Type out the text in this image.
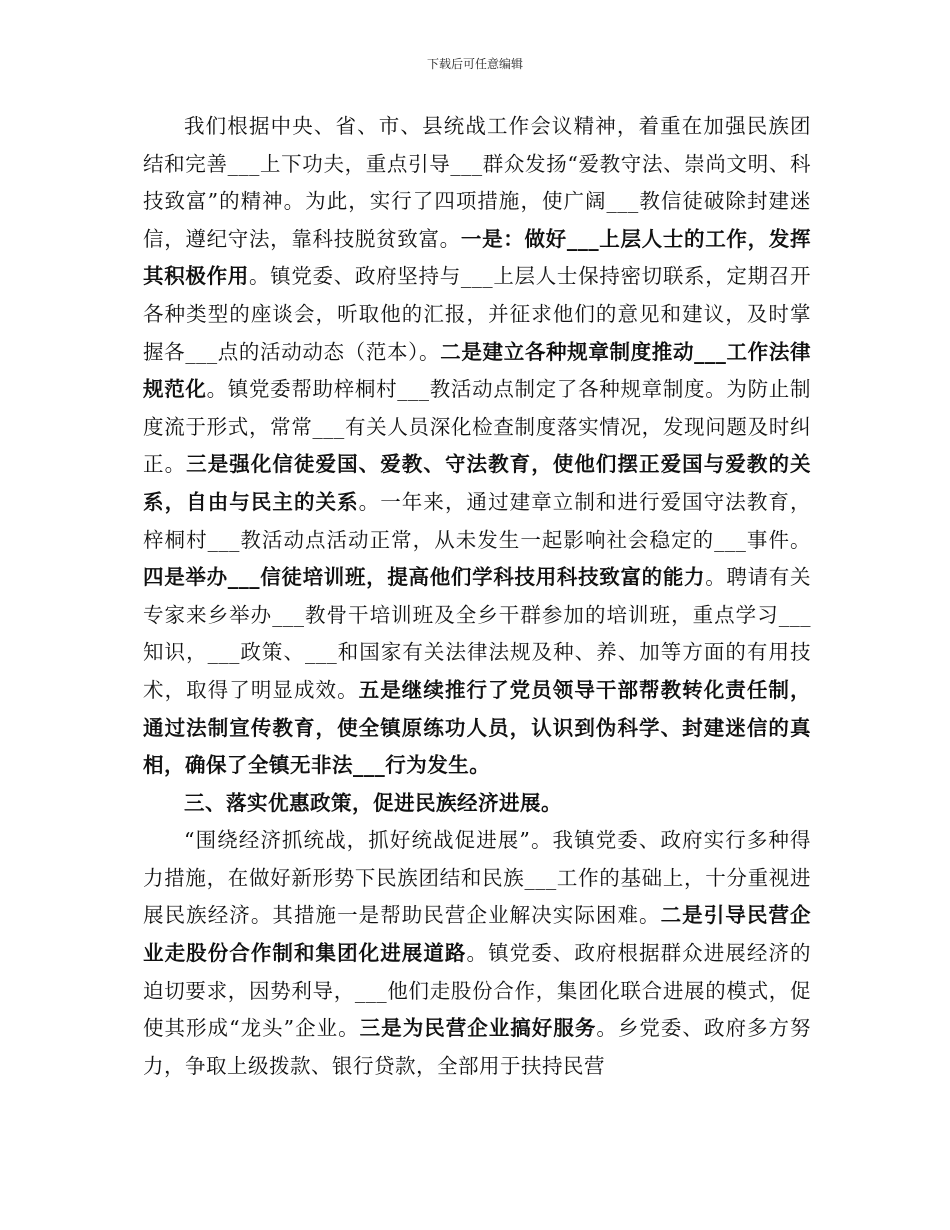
下载后可任意编辑

我们根据中央、省、市、县统战工作会议精神，着重在加强民族团结和完善___上下功夫，重点引导___群众发扬“爱教守法、崇尚文明、科技致富”的精神。为此，实行了四项措施，使广阔___教信徒破除封建迷信，遵纪守法，靠科技脱贫致富。一是：做好___上层人士的工作，发挥其积极作用。镇党委、政府坚持与___上层人士保持密切联系，定期召开各种类型的座谈会，听取他的汇报，并征求他们的意见和建议，及时掌握各___点的活动动态（范本）。二是建立各种规章制度推动___工作法律规范化。镇党委帮助梓桐村___教活动点制定了各种规章制度。为防止制度流于形式，常常___有关人员深化检查制度落实情况，发现问题及时纠正。三是强化信徒爱国、爱教、守法教育，使他们摆正爱国与爱教的关系，自由与民主的关系。一年来，通过建章立制和进行爱国守法教育，梓桐村___教活动点活动正常，从未发生一起影响社会稳定的___事件。四是举办___信徒培训班，提高他们学科技用科技致富的能力。聘请有关专家来乡举办___教骨干培训班及全乡干群参加的培训班，重点学习___知识，___政策、___和国家有关法律法规及种、养、加等方面的有用技术，取得了明显成效。五是继续推行了党员领导干部帮教转化责任制，通过法制宣传教育，使全镇原练功人员，认识到伪科学、封建迷信的真相，确保了全镇无非法___行为发生。

三、落实优惠政策，促进民族经济进展。

“围绕经济抓统战，抓好统战促进展”。我镇党委、政府实行多种得力措施，在做好新形势下民族团结和民族___工作的基础上，十分重视进展民族经济。其措施一是帮助民营企业解决实际困难。二是引导民营企业走股份合作制和集团化进展道路。镇党委、政府根据群众进展经济的迫切要求，因势利导，___他们走股份合作，集团化联合进展的模式，促使其形成“龙头”企业。三是为民营企业搞好服务。乡党委、政府多方努力，争取上级拨款、银行贷款，全部用于扶持民营
